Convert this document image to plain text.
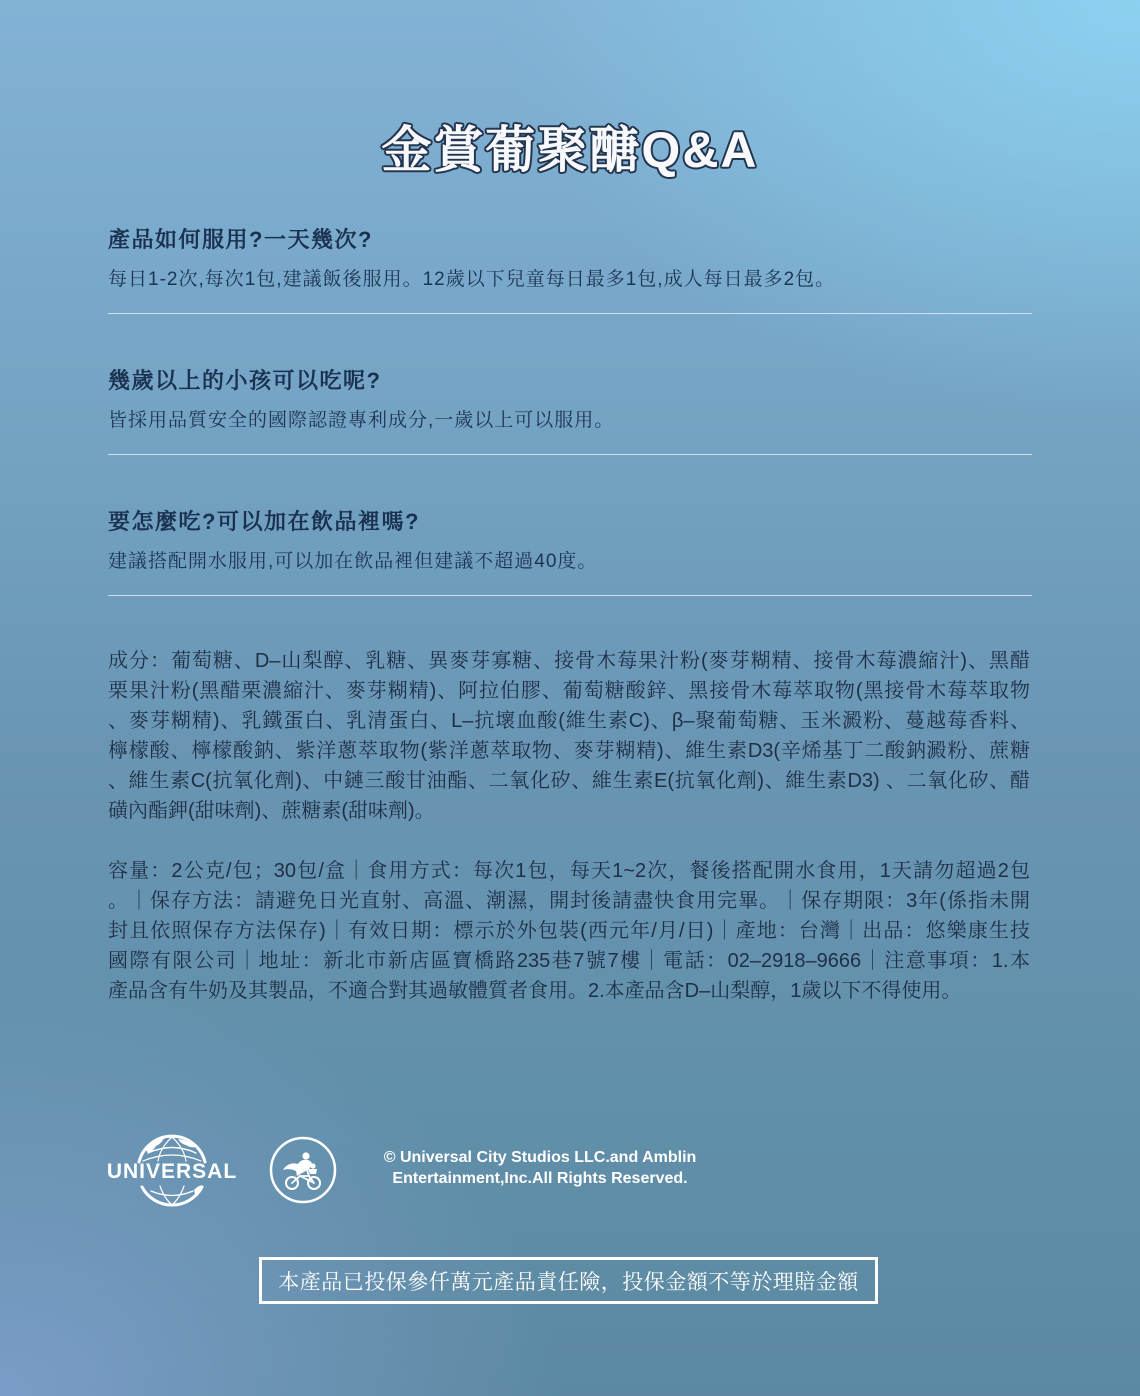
金賞葡聚醣Q&A
產品如何服用?一天幾次?
每日1-2次,每次1包,建議飯後服用。12歲以下兒童每日最多1包,成人每日最多2包。
幾歲以上的小孩可以吃呢?
皆採用品質安全的國際認證專利成分,一歲以上可以服用。
要怎麼吃?可以加在飲品裡嗎?
建議搭配開水服用,可以加在飲品裡但建議不超過40度。
成分：葡萄糖、D–山梨醇、乳糖、異麥芽寡糖、接骨木莓果汁粉(麥芽糊精、接骨木莓濃縮汁)、黑醋
栗果汁粉(黑醋栗濃縮汁、麥芽糊精)、阿拉伯膠、葡萄糖酸鋅、黑接骨木莓萃取物(黑接骨木莓萃取物
、麥芽糊精)、乳鐵蛋白、乳清蛋白、L–抗壞血酸(維生素C)、β–聚葡萄糖、玉米澱粉、蔓越莓香料、
檸檬酸、檸檬酸鈉、紫洋蔥萃取物(紫洋蔥萃取物、麥芽糊精)、維生素D3(辛烯基丁二酸鈉澱粉、蔗糖
、維生素C(抗氧化劑)、中鏈三酸甘油酯、二氧化矽、維生素E(抗氧化劑)、維生素D3) 、二氧化矽、醋
磺內酯鉀(甜味劑)、蔗糖素(甜味劑)。
容量：2公克/包；30包/盒｜食用方式：每次1包，每天1~2次，餐後搭配開水食用，1天請勿超過2包
。｜保存方法：請避免日光直射、高溫、潮濕，開封後請盡快食用完畢。｜保存期限：3年(係指未開
封且依照保存方法保存)｜有效日期：標示於外包裝(西元年/月/日)｜產地：台灣｜出品：悠樂康生技
國際有限公司｜地址：新北市新店區寶橋路235巷7號7樓｜電話：02–2918–9666｜注意事項：1.本
產品含有牛奶及其製品，不適合對其過敏體質者食用。2.本產品含D–山梨醇，1歲以下不得使用。
UNIVERSAL
© Universal City Studios LLC.and Amblin
Entertainment,Inc.All Rights Reserved.
本產品已投保參仟萬元產品責任險，投保金額不等於理賠金額
